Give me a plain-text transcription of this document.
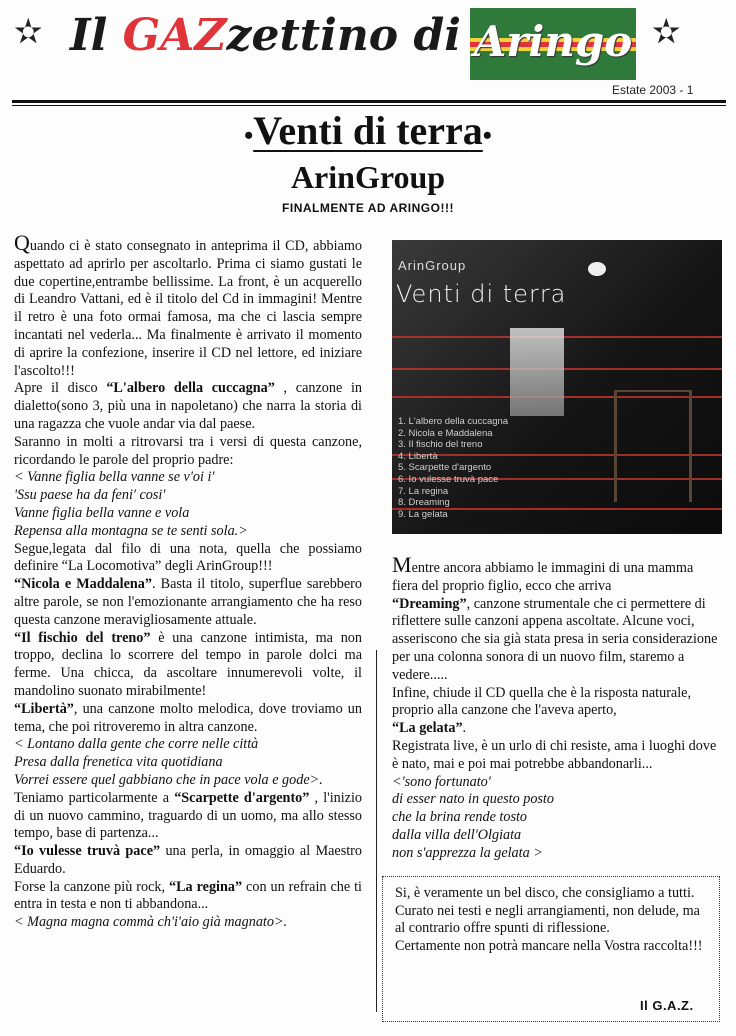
✫ Il GAZzettino di Aringo ✫
Estate 2003 - 1
•Venti di terra•
ArinGroup
FINALMENTE AD ARINGO!!!

Quando ci è stato consegnato in anteprima il CD, abbiamo aspettato ad aprirlo per ascoltarlo. Prima ci siamo gustati le due copertine,entrambe bellissime. La front, è un acquerello di Leandro Vattani, ed è il titolo del Cd in immagini! Mentre il retro è una foto ormai famosa, ma che ci lascia sempre incantati nel vederla... Ma finalmente è arrivato il momento di aprire la confezione, inserire il CD nel lettore, ed iniziare l'ascolto!!!

Apre il disco “L'albero della cuccagna” , canzone in dialetto(sono 3, più una in napoletano) che narra la storia di una ragazza che vuole andar via dal paese.

Saranno in molti a ritrovarsi tra i versi di questa canzone, ricordando le parole del proprio padre:

< Vanne figlia bella vanne se v'oi i'

'Ssu paese ha da feni' cosi'

Vanne figlia bella vanne e vola

Repensa alla montagna se te senti sola.>

Segue,legata dal filo di una nota, quella che possiamo definire “La Locomotiva” degli ArinGroup!!!

“Nicola e Maddalena”. Basta il titolo, superflue sarebbero altre parole, se non l'emozionante arrangiamento che ha reso questa canzone meravigliosamente attuale.

“Il fischio del treno” è una canzone intimista, ma non troppo, declina lo scorrere del tempo in parole dolci ma ferme. Una chicca, da ascoltare innumerevoli volte, il mandolino suonato mirabilmente!

“Libertà”, una canzone molto melodica, dove troviamo un tema, che poi ritroveremo in altra canzone.

< Lontano dalla gente che corre nelle città

Presa dalla frenetica vita quotidiana

Vorrei essere quel gabbiano che in pace vola e gode>.

Teniamo particolarmente a “Scarpette d'argento” , l'inizio di un nuovo cammino, traguardo di un uomo, ma allo stesso tempo, base di partenza...

“Io vulesse truvà pace” una perla, in omaggio al Maestro Eduardo.

Forse la canzone più rock, “La regina” con un refrain che ti entra in testa e non ti abbandona...

< Magna magna commà ch'i'aio già magnato>.

ArinGroup
Venti di terra
1. L'albero della cuccagna
2. Nicola e Maddalena
3. Il fischio del treno
4. Libertà
5. Scarpette d'argento
6. Io vulesse truvà pace
7. La regina
8. Dreaming
9. La gelata

Mentre ancora abbiamo le immagini di una mamma fiera del proprio figlio, ecco che arriva

“Dreaming”, canzone strumentale che ci permettere di riflettere sulle canzoni appena ascoltate. Alcune voci, asseriscono che sia già stata presa in seria considerazione per una colonna sonora di un nuovo film, staremo a vedere.....

Infine, chiude il CD quella che è la risposta naturale, proprio alla canzone che l'aveva aperto,

“La gelata”.

Registrata live, è un urlo di chi resiste, ama i luoghi dove è nato, mai e poi mai potrebbe abbandonarli...

<'sono fortunato'

di esser nato in questo posto

che la brina rende tosto

dalla villa dell'Olgiata

non s'apprezza la gelata >

Si, è veramente un bel disco, che consigliamo a tutti. Curato nei testi e negli arrangiamenti, non delude, ma al contrario offre spunti di riflessione.
Certamente non potrà mancare nella Vostra raccolta!!!
Il G.A.Z.
